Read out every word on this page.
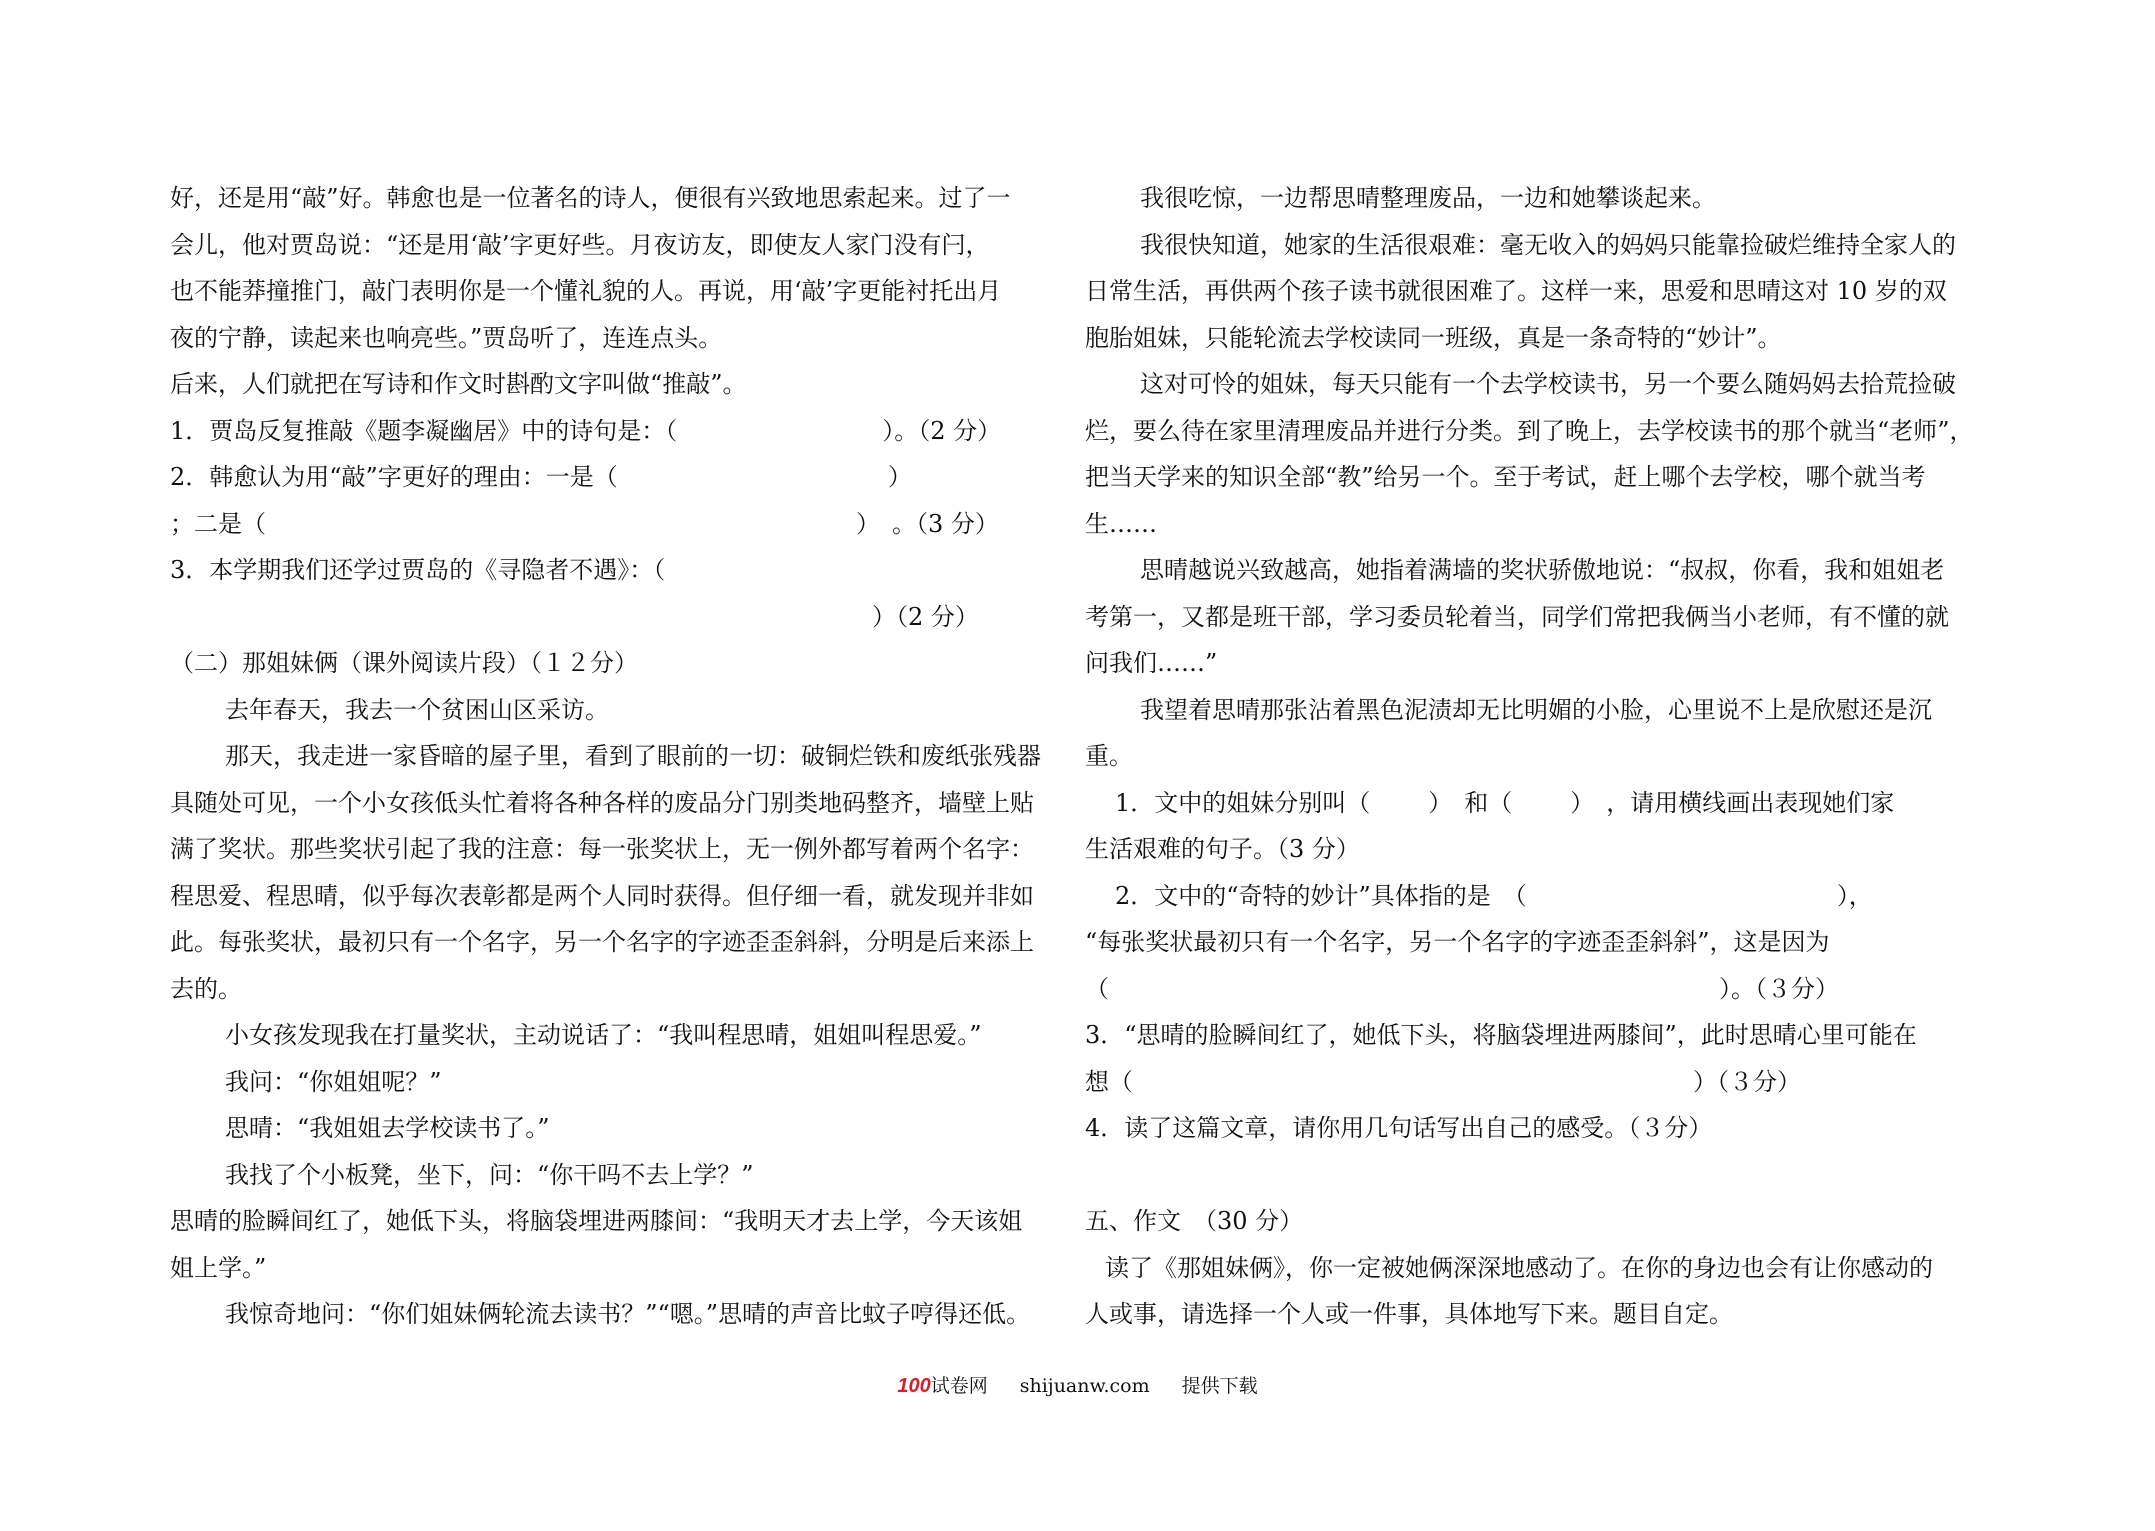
好，还是用“敲”好。韩愈也是一位著名的诗人，便很有兴致地思索起来。过了一
会儿，他对贾岛说：“还是用‘敲’字更好些。月夜访友，即使友人家门没有闩，
也不能莽撞推门，敲门表明你是一个懂礼貌的人。再说，用‘敲’字更能衬托出月
夜的宁静，读起来也响亮些。”贾岛听了，连连点头。
后来，人们就把在写诗和作文时斟酌文字叫做“推敲”。
1．贾岛反复推敲《题李凝幽居》中的诗句是：（	）。（2 分）
2．韩愈认为用“敲”字更好的理由：一是（	）
；二是（	）　。（3 分）
3．本学期我们还学过贾岛的《寻隐者不遇》：（
）（2 分）
（二）那姐妹俩（课外阅读片段）（１２分）
去年春天，我去一个贫困山区采访。
那天，我走进一家昏暗的屋子里，看到了眼前的一切：破铜烂铁和废纸张残器
具随处可见，一个小女孩低头忙着将各种各样的废品分门别类地码整齐，墙壁上贴
满了奖状。那些奖状引起了我的注意：每一张奖状上，无一例外都写着两个名字：
程思爱、程思晴，似乎每次表彰都是两个人同时获得。但仔细一看，就发现并非如
此。每张奖状，最初只有一个名字，另一个名字的字迹歪歪斜斜，分明是后来添上
去的。
小女孩发现我在打量奖状，主动说话了：“我叫程思晴，姐姐叫程思爱。”
我问：“你姐姐呢？”
思晴：“我姐姐去学校读书了。”
我找了个小板凳，坐下，问：“你干吗不去上学？”
思晴的脸瞬间红了，她低下头，将脑袋埋进两膝间：“我明天才去上学，今天该姐
姐上学。”
我惊奇地问：“你们姐妹俩轮流去读书？”“嗯。”思晴的声音比蚊子哼得还低。
我很吃惊，一边帮思晴整理废品，一边和她攀谈起来。
我很快知道，她家的生活很艰难：毫无收入的妈妈只能靠捡破烂维持全家人的
日常生活，再供两个孩子读书就很困难了。这样一来，思爱和思晴这对 10 岁的双
胞胎姐妹，只能轮流去学校读同一班级，真是一条奇特的“妙计”。
这对可怜的姐妹，每天只能有一个去学校读书，另一个要么随妈妈去拾荒捡破
烂，要么待在家里清理废品并进行分类。到了晚上，去学校读书的那个就当“老师”，
把当天学来的知识全部“教”给另一个。至于考试，赶上哪个去学校，哪个就当考
生……
思晴越说兴致越高，她指着满墙的奖状骄傲地说：“叔叔，你看，我和姐姐老
考第一，又都是班干部，学习委员轮着当，同学们常把我俩当小老师，有不懂的就
问我们……”
我望着思晴那张沾着黑色泥渍却无比明媚的小脸，心里说不上是欣慰还是沉
重。
1．文中的姐妹分别叫（ ）　和（ ）　，请用横线画出表现她们家
生活艰难的句子。（3 分）
2．文中的“奇特的妙计”具体指的是　（	），
“每张奖状最初只有一个名字，另一个名字的字迹歪歪斜斜”，这是因为
（	）。（３分）
3．“思晴的脸瞬间红了，她低下头，将脑袋埋进两膝间”，此时思晴心里可能在
想（	）（３分）
4．读了这篇文章，请你用几句话写出自己的感受。（３分）
五、作文　（30 分）
读了《那姐妹俩》，你一定被她俩深深地感动了。在你的身边也会有让你感动的
人或事，请选择一个人或一件事，具体地写下来。题目自定。
100试卷网 shijuanw.com 提供下载
